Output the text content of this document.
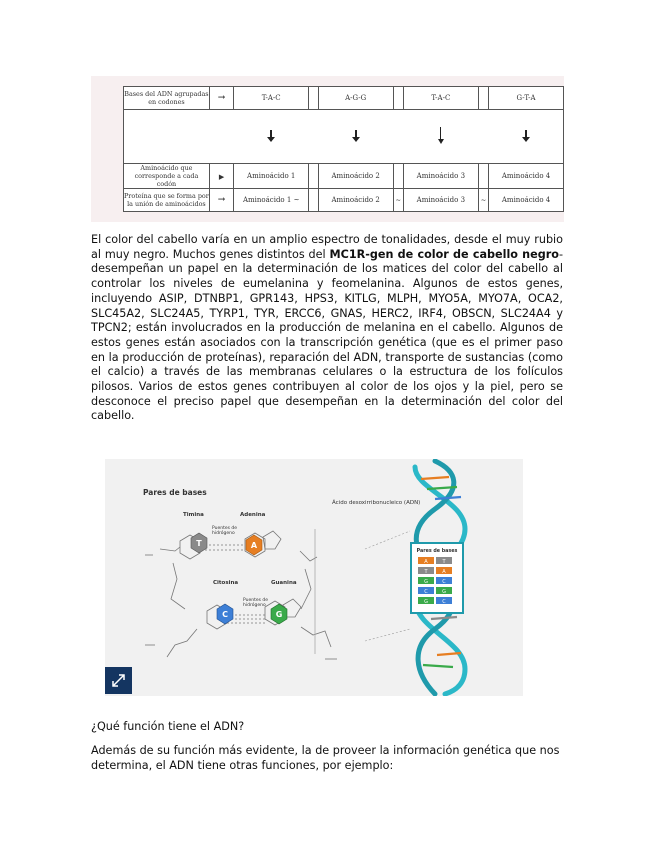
Bases del ADN agrupadas en codones	→	T-A-C		A-G-G		T-A-C		G-T-A

Aminoácido que corresponde a cada codón	▶	Aminoácido 1		Aminoácido 2		Aminoácido 3		Aminoácido 4
Proteína que se forma por la unión de aminoácidos	→	Aminoácido 1 ~		Aminoácido 2	~	Aminoácido 3	~	Aminoácido 4
El color del cabello varía en un amplio espectro de tonalidades, desde el muy rubio al muy negro. Muchos genes distintos del MC1R-gen de color de cabello negro- desempeñan un papel en la determinación de los matices del color del cabello al controlar los niveles de eumelanina y feomelanina. Algunos de estos genes, incluyendo ASIP, DTNBP1, GPR143, HPS3, KITLG, MLPH, MYO5A, MYO7A, OCA2, SLC45A2, SLC24A5, TYRP1, TYR, ERCC6, GNAS, HERC2, IRF4, OBSCN, SLC24A4 y TPCN2; están involucrados en la producción de melanina en el cabello. Algunos de estos genes están asociados con la transcripción genética (que es el primer paso en la producción de proteínas), reparación del ADN, transporte de sustancias (como el calcio) a través de las membranas celulares o la estructura de los folículos pilosos. Varios de estos genes contribuyen al color de los ojos y la piel, pero se desconoce el preciso papel que desempeñan en la determinación del color del cabello.
Pares de bases
Ácido desoxirribonucleico (ADN)
Timina	Adenina
Puentes de hidrógeno
Citosina	Guanina
Puentes de hidrógeno
T	A
C	G
Pares de bases
A	T
T	A
G	C
C	G
G	C
¿Qué función tiene el ADN?
Además de su función más evidente, la de proveer la información genética que nos determina, el ADN tiene otras funciones, por ejemplo:
